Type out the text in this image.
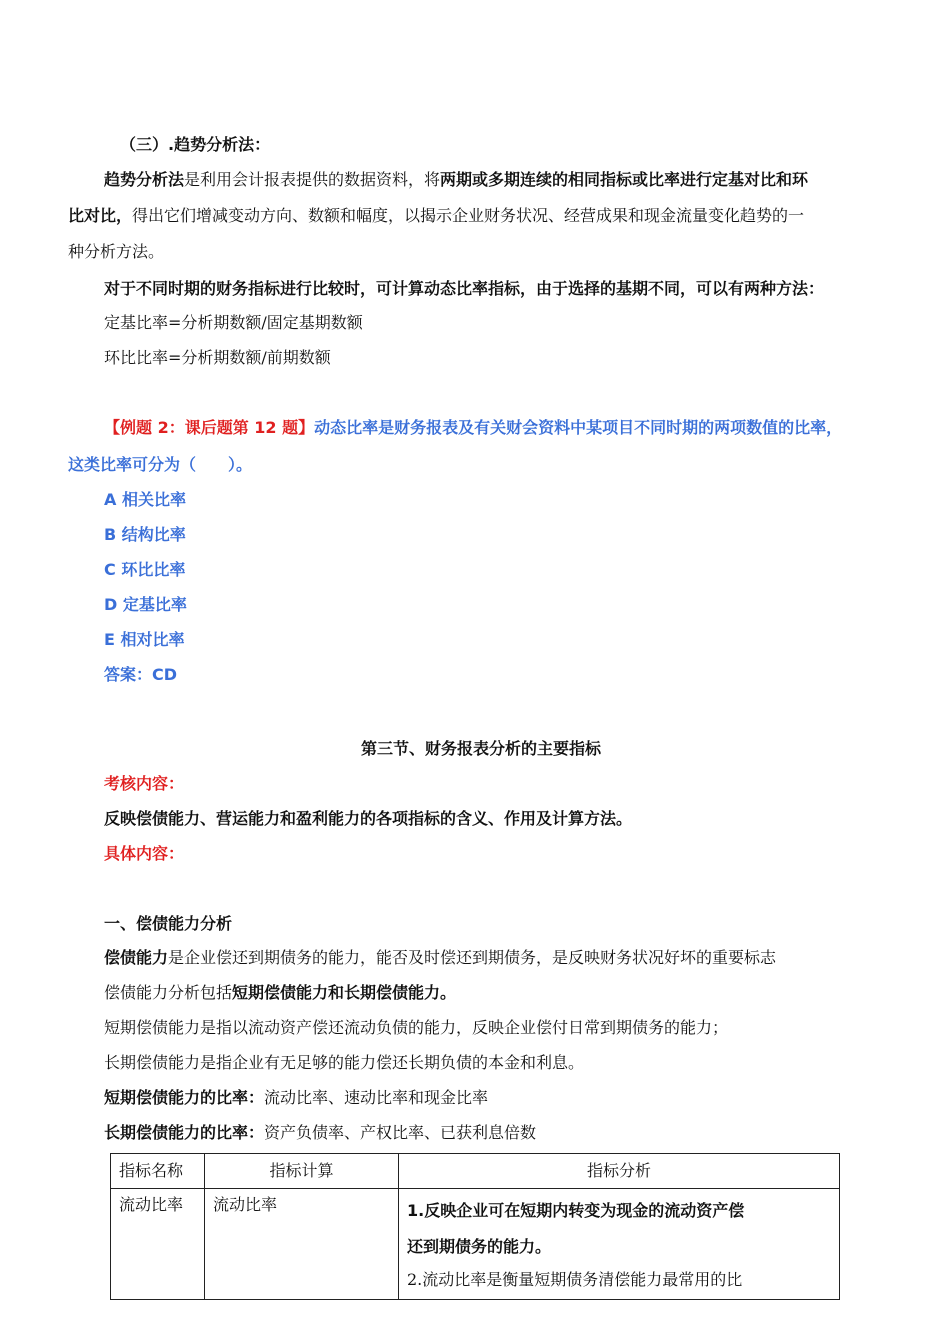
（三）.趋势分析法：
趋势分析法是利用会计报表提供的数据资料，将两期或多期连续的相同指标或比率进行定基对比和环
比对比，得出它们增减变动方向、数额和幅度，以揭示企业财务状况、经营成果和现金流量变化趋势的一
种分析方法。
对于不同时期的财务指标进行比较时，可计算动态比率指标，由于选择的基期不同，可以有两种方法：
定基比率=分析期数额/固定基期数额
环比比率=分析期数额/前期数额
【例题 2：课后题第 12 题】动态比率是财务报表及有关财会资料中某项目不同时期的两项数值的比率，
这类比率可分为（　　）。
A 相关比率
B 结构比率
C 环比比率
D 定基比率
E 相对比率
答案：CD
第三节、财务报表分析的主要指标
考核内容：
反映偿债能力、营运能力和盈利能力的各项指标的含义、作用及计算方法。
具体内容：
一、偿债能力分析
偿债能力是企业偿还到期债务的能力，能否及时偿还到期债务，是反映财务状况好坏的重要标志
偿债能力分析包括短期偿债能力和长期偿债能力。
短期偿债能力是指以流动资产偿还流动负债的能力，反映企业偿付日常到期债务的能力；
长期偿债能力是指企业有无足够的能力偿还长期负债的本金和利息。
短期偿债能力的比率：流动比率、速动比率和现金比率
长期偿债能力的比率：资产负债率、产权比率、已获利息倍数
指标名称	指标计算	指标分析
流动比率	流动比率	1.反映企业可在短期内转变为现金的流动资产偿
还到期债务的能力。
2.流动比率是衡量短期债务清偿能力最常用的比
